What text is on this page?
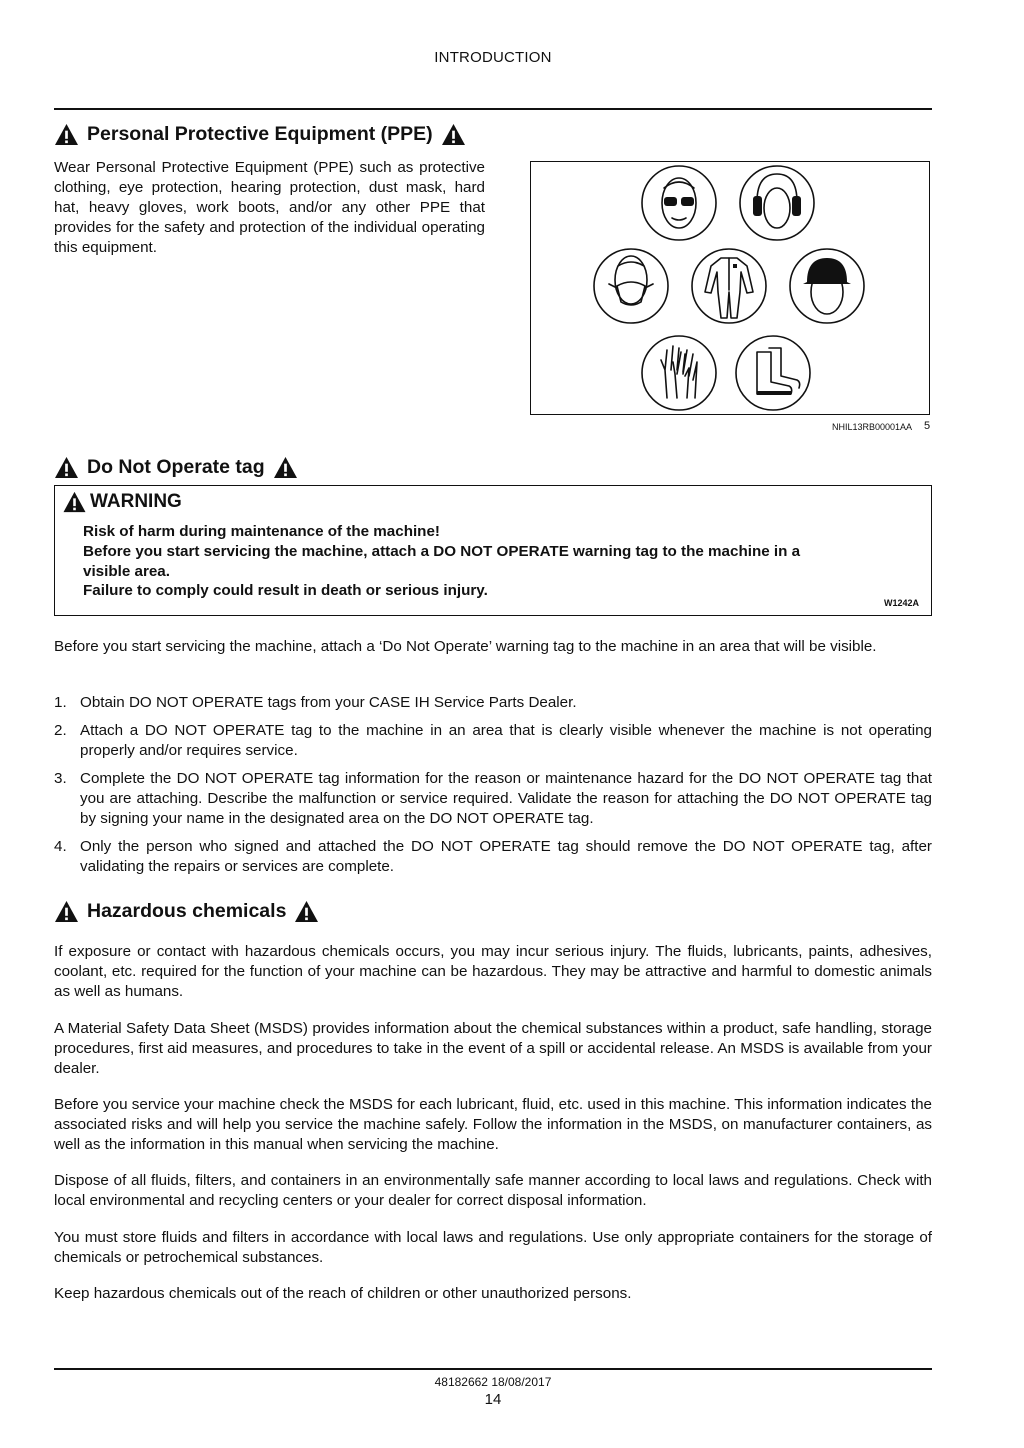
INTRODUCTION
Personal Protective Equipment (PPE)
Wear Personal Protective Equipment (PPE) such as protective clothing, eye protection, hearing protection, dust mask, hard hat, heavy gloves, work boots, and/or any other PPE that provides for the safety and protection of the individual operating this equipment.
NHIL13RB00001AA 5
Do Not Operate tag
WARNING
Risk of harm during maintenance of the machine!
Before you start servicing the machine, attach a DO NOT OPERATE warning tag to the machine in a
visible area.
Failure to comply could result in death or serious injury.
W1242A
Before you start servicing the machine, attach a ‘Do Not Operate’ warning tag to the machine in an area that will be visible.
1. Obtain DO NOT OPERATE tags from your CASE IH Service Parts Dealer.
2. Attach a DO NOT OPERATE tag to the machine in an area that is clearly visible whenever the machine is not operating properly and/or requires service.
3. Complete the DO NOT OPERATE tag information for the reason or maintenance hazard for the DO NOT OPERATE tag that you are attaching. Describe the malfunction or service required. Validate the reason for attaching the DO NOT OPERATE tag by signing your name in the designated area on the DO NOT OPERATE tag.
4. Only the person who signed and attached the DO NOT OPERATE tag should remove the DO NOT OPERATE tag, after validating the repairs or services are complete.
Hazardous chemicals
If exposure or contact with hazardous chemicals occurs, you may incur serious injury. The fluids, lubricants, paints, adhesives, coolant, etc. required for the function of your machine can be hazardous. They may be attractive and harmful to domestic animals as well as humans.
A Material Safety Data Sheet (MSDS) provides information about the chemical substances within a product, safe handling, storage procedures, first aid measures, and procedures to take in the event of a spill or accidental release. An MSDS is available from your dealer.
Before you service your machine check the MSDS for each lubricant, fluid, etc. used in this machine. This information indicates the associated risks and will help you service the machine safely. Follow the information in the MSDS, on manufacturer containers, as well as the information in this manual when servicing the machine.
Dispose of all fluids, filters, and containers in an environmentally safe manner according to local laws and regulations. Check with local environmental and recycling centers or your dealer for correct disposal information.
You must store fluids and filters in accordance with local laws and regulations. Use only appropriate containers for the storage of chemicals or petrochemical substances.
Keep hazardous chemicals out of the reach of children or other unauthorized persons.
48182662 18/08/2017
14
